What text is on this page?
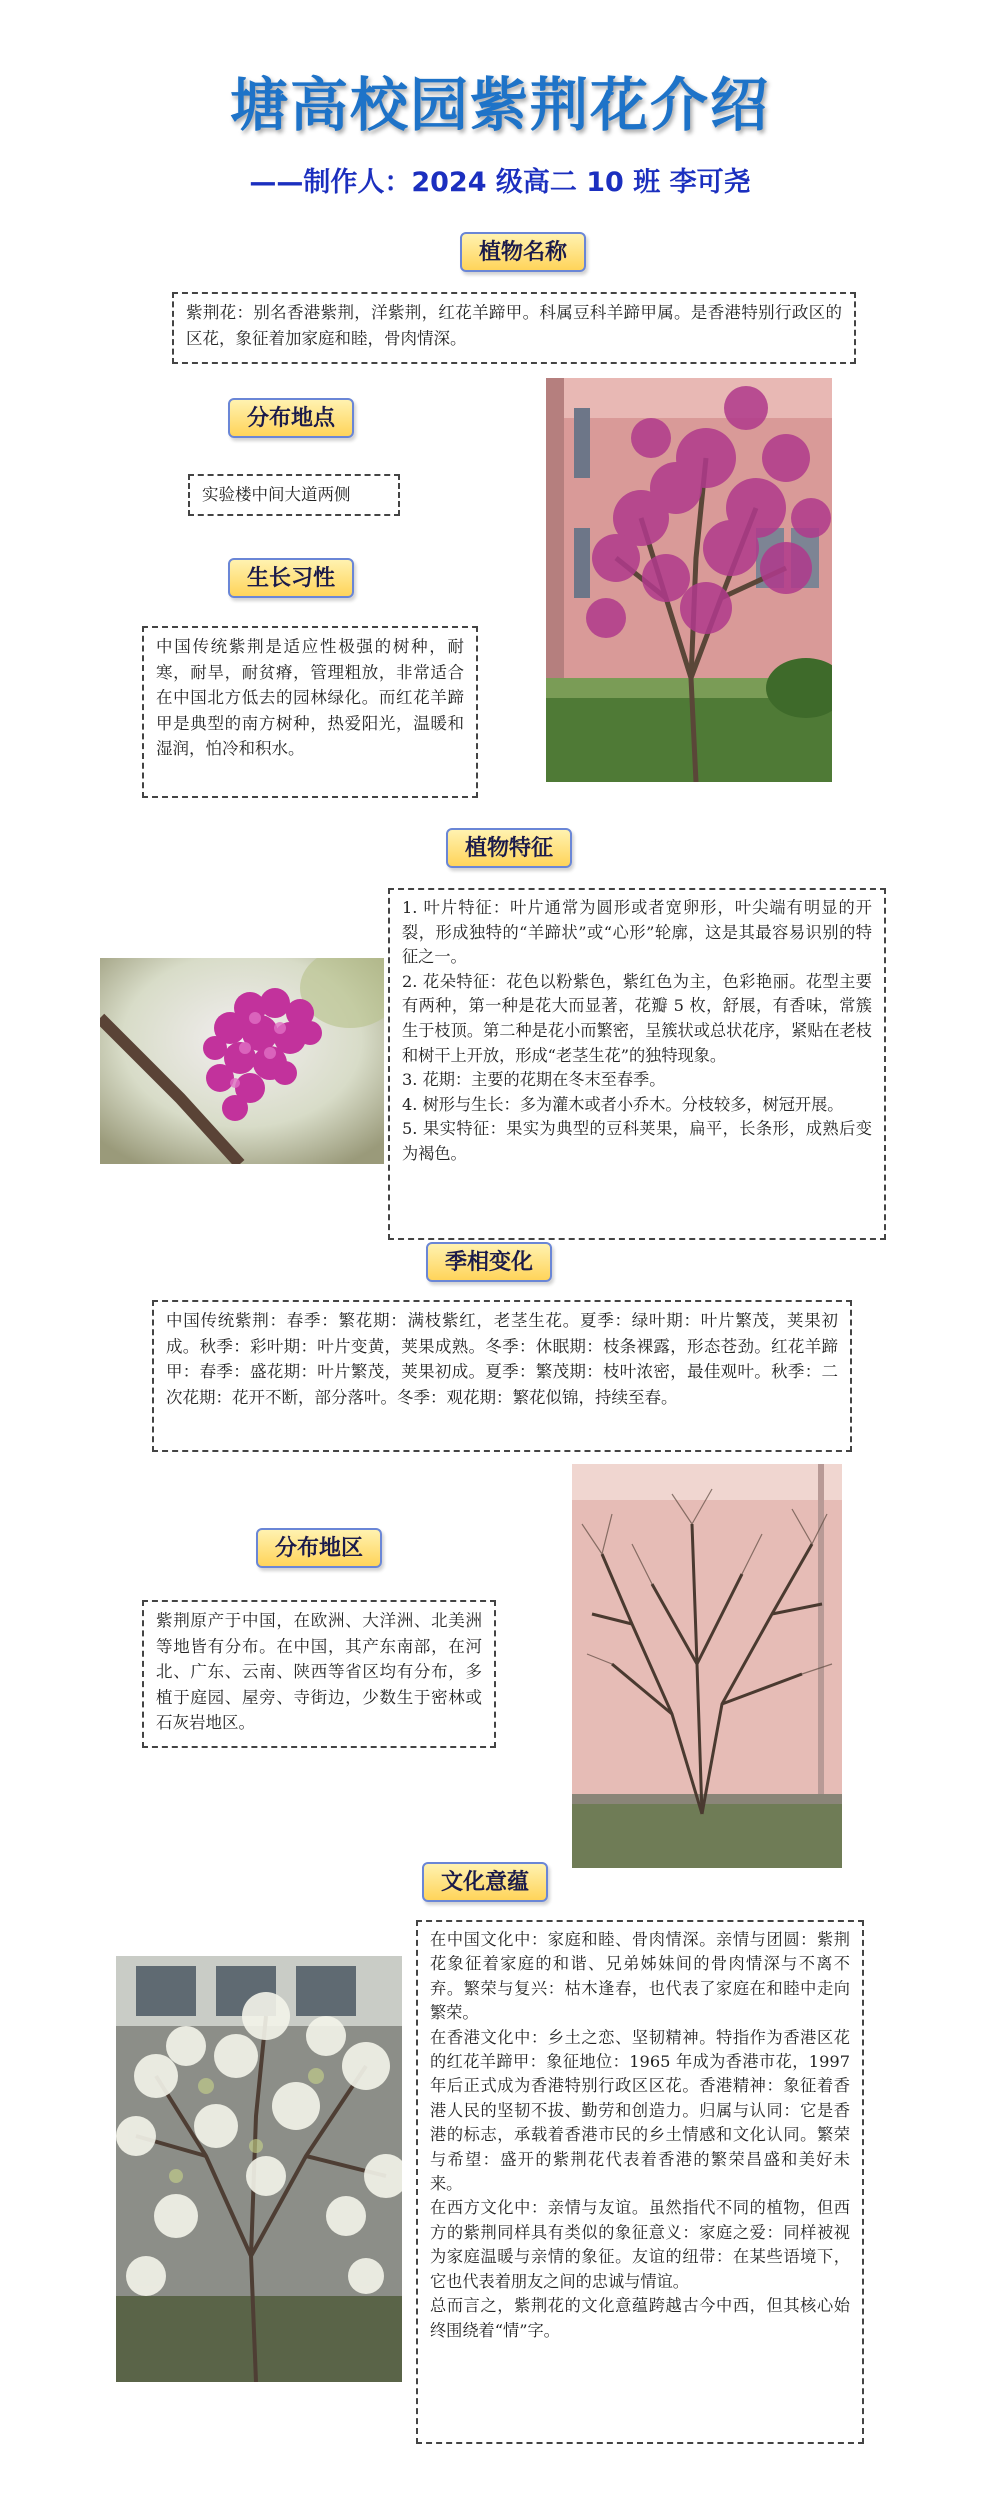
塘高校园紫荆花介绍
——制作人：2024 级高二 10 班 李可尧
植物名称

紫荆花：别名香港紫荆，洋紫荆，红花羊蹄甲。科属豆科羊蹄甲属。是香港特别行政区的区花，象征着加家庭和睦，骨肉情深。

分布地点

实验楼中间大道两侧

生长习性

中国传统紫荆是适应性极强的树种，耐寒，耐旱，耐贫瘠，管理粗放，非常适合在中国北方低去的园林绿化。而红花羊蹄甲是典型的南方树种，热爱阳光，温暖和湿润，怕冷和积水。

植物特征

1. 叶片特征：叶片通常为圆形或者宽卵形，叶尖端有明显的开裂，形成独特的“羊蹄状”或“心形”轮廓，这是其最容易识别的特征之一。

2. 花朵特征：花色以粉紫色，紫红色为主，色彩艳丽。花型主要有两种，第一种是花大而显著，花瓣 5 枚，舒展，有香味，常簇生于枝顶。第二种是花小而繁密，呈簇状或总状花序，紧贴在老枝和树干上开放，形成“老茎生花”的独特现象。

3. 花期：主要的花期在冬末至春季。

4. 树形与生长：多为灌木或者小乔木。分枝较多，树冠开展。

5. 果实特征：果实为典型的豆科荚果，扁平，长条形，成熟后变为褐色。

季相变化

中国传统紫荆：春季：繁花期：满枝紫红，老茎生花。夏季：绿叶期：叶片繁茂，荚果初成。秋季：彩叶期：叶片变黄，荚果成熟。冬季：休眠期：枝条裸露，形态苍劲。红花羊蹄甲：春季：盛花期：叶片繁茂，荚果初成。夏季：繁茂期：枝叶浓密，最佳观叶。秋季：二次花期：花开不断，部分落叶。冬季：观花期：繁花似锦，持续至春。

分布地区

紫荆原产于中国，在欧洲、大洋洲、北美洲等地皆有分布。在中国，其产东南部，在河北、广东、云南、陕西等省区均有分布，多植于庭园、屋旁、寺街边，少数生于密林或石灰岩地区。

文化意蕴

在中国文化中：家庭和睦、骨肉情深。亲情与团圆：紫荆花象征着家庭的和谐、兄弟姊妹间的骨肉情深与不离不弃。繁荣与复兴：枯木逢春，也代表了家庭在和睦中走向繁荣。

在香港文化中：乡土之恋、坚韧精神。特指作为香港区花的红花羊蹄甲：象征地位：1965 年成为香港市花，1997 年后正式成为香港特别行政区区花。香港精神：象征着香港人民的坚韧不拔、勤劳和创造力。归属与认同：它是香港的标志，承载着香港市民的乡土情感和文化认同。繁荣与希望：盛开的紫荆花代表着香港的繁荣昌盛和美好未来。

在西方文化中：亲情与友谊。虽然指代不同的植物，但西方的紫荆同样具有类似的象征意义：家庭之爱：同样被视为家庭温暖与亲情的象征。友谊的纽带：在某些语境下，它也代表着朋友之间的忠诚与情谊。

总而言之，紫荆花的文化意蕴跨越古今中西，但其核心始终围绕着“情”字。
